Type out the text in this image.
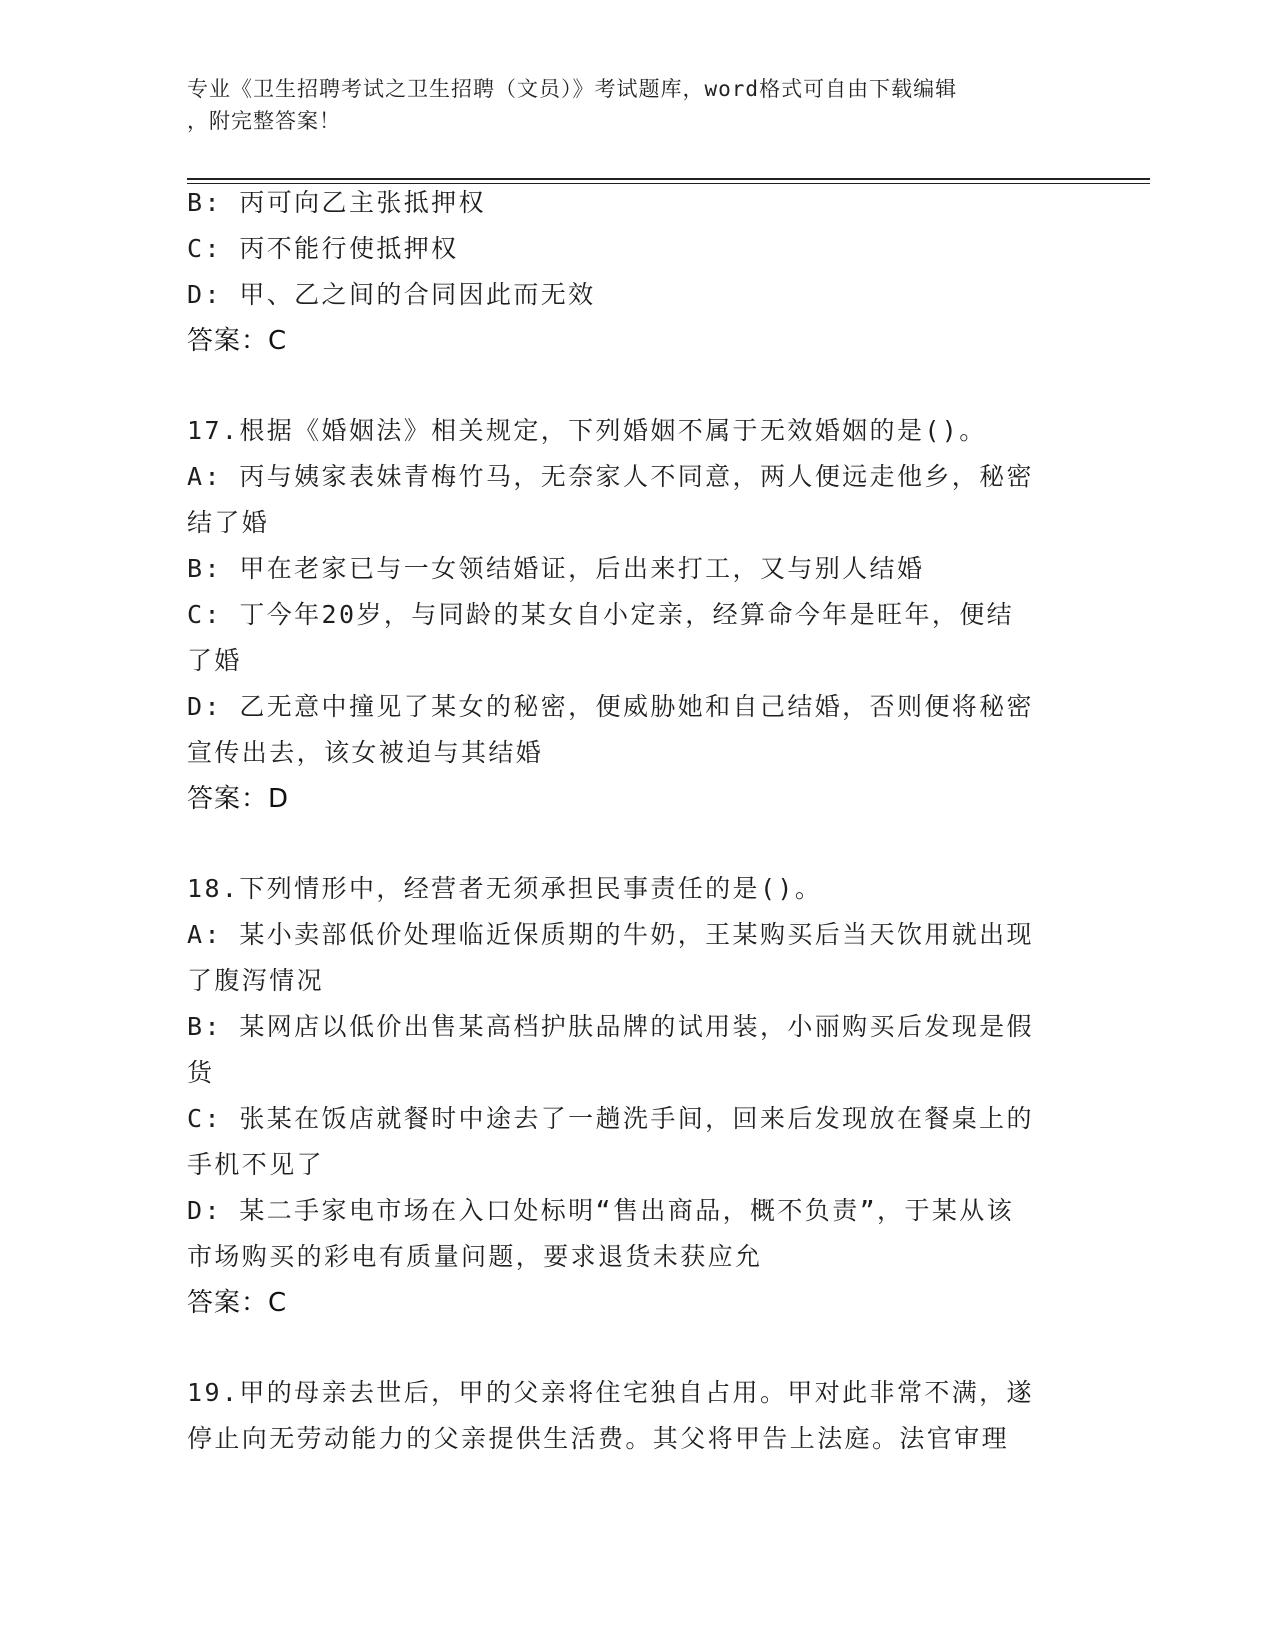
专业《卫生招聘考试之卫生招聘（文员）》考试题库，word格式可自由下载编辑
，附完整答案！
B: 丙可向乙主张抵押权
C: 丙不能行使抵押权
D: 甲、乙之间的合同因此而无效
答案：C
17.根据《婚姻法》相关规定，下列婚姻不属于无效婚姻的是()。
A: 丙与姨家表妹青梅竹马，无奈家人不同意，两人便远走他乡，秘密
结了婚
B: 甲在老家已与一女领结婚证，后出来打工，又与别人结婚
C: 丁今年20岁，与同龄的某女自小定亲，经算命今年是旺年，便结
了婚
D: 乙无意中撞见了某女的秘密，便威胁她和自己结婚，否则便将秘密
宣传出去，该女被迫与其结婚
答案：D
18.下列情形中，经营者无须承担民事责任的是()。
A: 某小卖部低价处理临近保质期的牛奶，王某购买后当天饮用就出现
了腹泻情况
B: 某网店以低价出售某高档护肤品牌的试用装，小丽购买后发现是假
货
C: 张某在饭店就餐时中途去了一趟洗手间，回来后发现放在餐桌上的
手机不见了
D: 某二手家电市场在入口处标明“售出商品，概不负责”，于某从该
市场购买的彩电有质量问题，要求退货未获应允
答案：C
19.甲的母亲去世后，甲的父亲将住宅独自占用。甲对此非常不满，遂
停止向无劳动能力的父亲提供生活费。其父将甲告上法庭。法官审理
